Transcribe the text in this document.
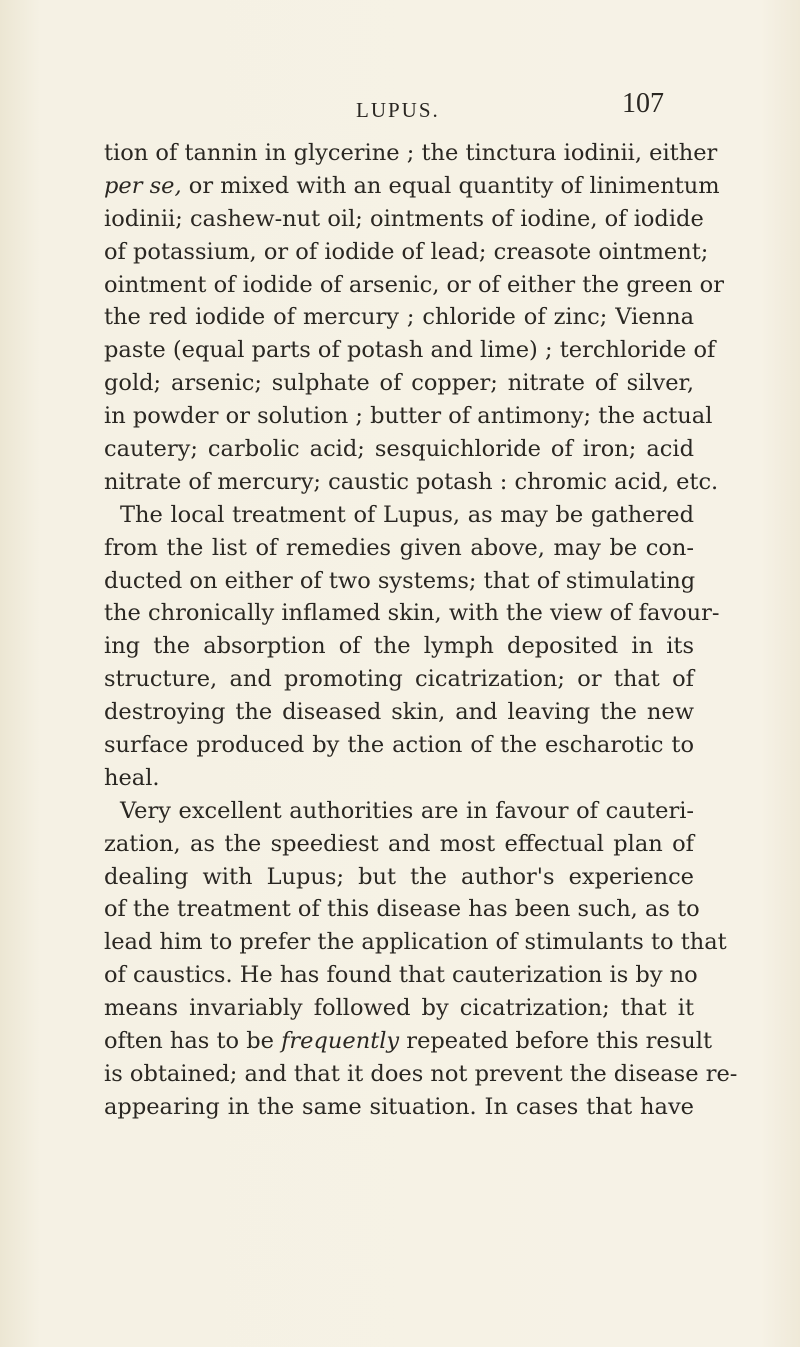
LUPUS.	107
tion of tannin in glycerine ; the tinctura iodinii, either
per se, or mixed with an equal quantity of linimentum
iodinii; cashew-nut oil; ointments of iodine, of iodide
of potassium, or of iodide of lead; creasote ointment;
ointment of iodide of arsenic, or of either the green or
the red iodide of mercury ; chloride of zinc; Vienna
paste (equal parts of potash and lime) ; terchloride of
gold; arsenic; sulphate of copper; nitrate of silver,
in powder or solution ; butter of antimony; the actual
cautery; carbolic acid; sesquichloride of iron; acid
nitrate of mercury; caustic potash : chromic acid, etc.
The local treatment of Lupus, as may be gathered
from the list of remedies given above, may be con-
ducted on either of two systems; that of stimulating
the chronically inflamed skin, with the view of favour-
ing the absorption of the lymph deposited in its
structure, and promoting cicatrization; or that of
destroying the diseased skin, and leaving the new
surface produced by the action of the escharotic to
heal.
Very excellent authorities are in favour of cauteri-
zation, as the speediest and most effectual plan of
dealing with Lupus; but the author's experience
of the treatment of this disease has been such, as to
lead him to prefer the application of stimulants to that
of caustics. He has found that cauterization is by no
means invariably followed by cicatrization; that it
often has to be frequently repeated before this result
is obtained; and that it does not prevent the disease re-
appearing in the same situation. In cases that have
